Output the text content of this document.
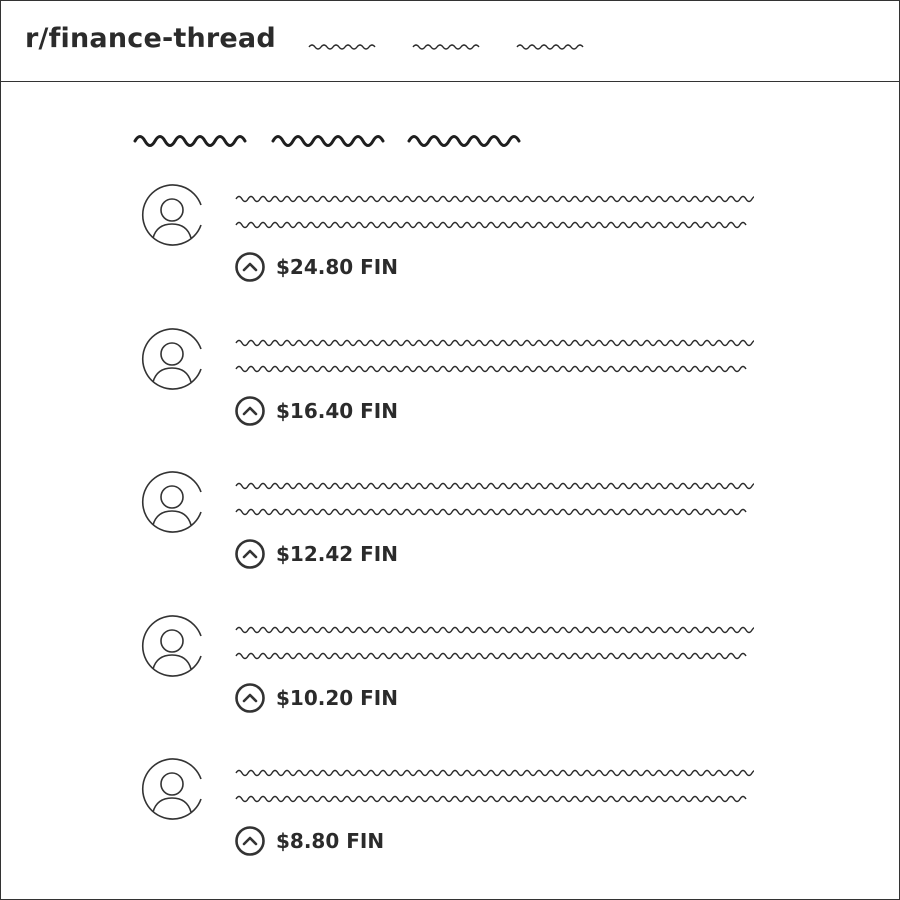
r/finance-thread
$24.80 FIN
$16.40 FIN
$12.42 FIN
$10.20 FIN
$8.80 FIN
